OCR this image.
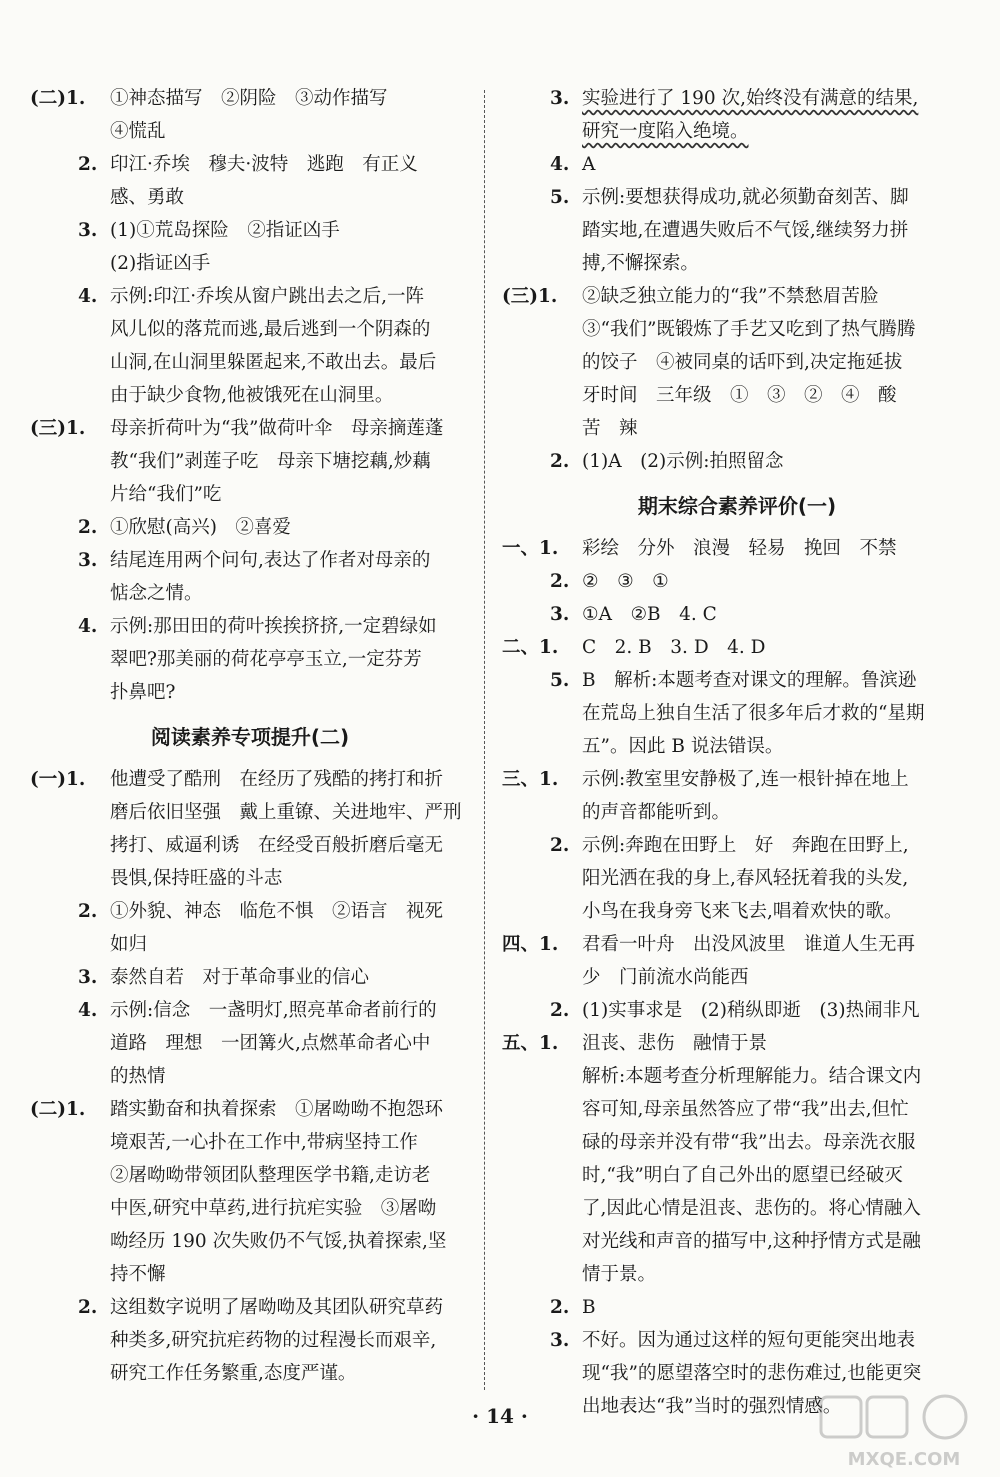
(二)1. ①神态描写　②阴险　③动作描写
④慌乱
2. 印江·乔埃　穆夫·波特　逃跑　有正义
感、勇敢
3. (1)①荒岛探险　②指证凶手
(2)指证凶手
4. 示例:印江·乔埃从窗户跳出去之后,一阵
风儿似的落荒而逃,最后逃到一个阴森的
山洞,在山洞里躲匿起来,不敢出去。最后
由于缺少食物,他被饿死在山洞里。
(三)1. 母亲折荷叶为“我”做荷叶伞　母亲摘莲蓬
教“我们”剥莲子吃　母亲下塘挖藕,炒藕
片给“我们”吃
2. ①欣慰(高兴)　②喜爱
3. 结尾连用两个问句,表达了作者对母亲的
惦念之情。
4. 示例:那田田的荷叶挨挨挤挤,一定碧绿如
翠吧?那美丽的荷花亭亭玉立,一定芬芳
扑鼻吧?
阅读素养专项提升(二)
(一)1. 他遭受了酷刑　在经历了残酷的拷打和折
磨后依旧坚强　戴上重镣、关进地牢、严刑
拷打、威逼利诱　在经受百般折磨后毫无
畏惧,保持旺盛的斗志
2. ①外貌、神态　临危不惧　②语言　视死
如归
3. 泰然自若　对于革命事业的信心
4. 示例:信念　一盏明灯,照亮革命者前行的
道路　理想　一团篝火,点燃革命者心中
的热情
(二)1. 踏实勤奋和执着探索　①屠呦呦不抱怨环
境艰苦,一心扑在工作中,带病坚持工作
②屠呦呦带领团队整理医学书籍,走访老
中医,研究中草药,进行抗疟实验　③屠呦
呦经历 190 次失败仍不气馁,执着探索,坚
持不懈
2. 这组数字说明了屠呦呦及其团队研究草药
种类多,研究抗疟药物的过程漫长而艰辛,
研究工作任务繁重,态度严谨。
3. 实验进行了 190 次,始终没有满意的结果,
研究一度陷入绝境。
4. A
5. 示例:要想获得成功,就必须勤奋刻苦、脚
踏实地,在遭遇失败后不气馁,继续努力拼
搏,不懈探索。
(三)1. ②缺乏独立能力的“我”不禁愁眉苦脸
③“我们”既锻炼了手艺又吃到了热气腾腾
的饺子　④被同桌的话吓到,决定拖延拔
牙时间　三年级　①　③　②　④　酸
苦　辣
2. (1)A　(2)示例:拍照留念
期末综合素养评价(一)
一、1. 彩绘　分外　浪漫　轻易　挽回　不禁
2. ②　③　①
3. ①A　②B　4. C
二、1. C　2. B　3. D　4. D
5. B　解析:本题考查对课文的理解。鲁滨逊
在荒岛上独自生活了很多年后才救的“星期
五”。因此 B 说法错误。
三、1. 示例:教室里安静极了,连一根针掉在地上
的声音都能听到。
2. 示例:奔跑在田野上　好　奔跑在田野上,
阳光洒在我的身上,春风轻抚着我的头发,
小鸟在我身旁飞来飞去,唱着欢快的歌。
四、1. 君看一叶舟　出没风波里　谁道人生无再
少　门前流水尚能西
2. (1)实事求是　(2)稍纵即逝　(3)热闹非凡
五、1. 沮丧、悲伤　融情于景
解析:本题考查分析理解能力。结合课文内
容可知,母亲虽然答应了带“我”出去,但忙
碌的母亲并没有带“我”出去。母亲洗衣服
时,“我”明白了自己外出的愿望已经破灭
了,因此心情是沮丧、悲伤的。将心情融入
对光线和声音的描写中,这种抒情方式是融
情于景。
2. B
3. 不好。因为通过这样的短句更能突出地表
现“我”的愿望落空时的悲伤难过,也能更突
出地表达“我”当时的强烈情感。
· 14 ·
MXQE.COM
